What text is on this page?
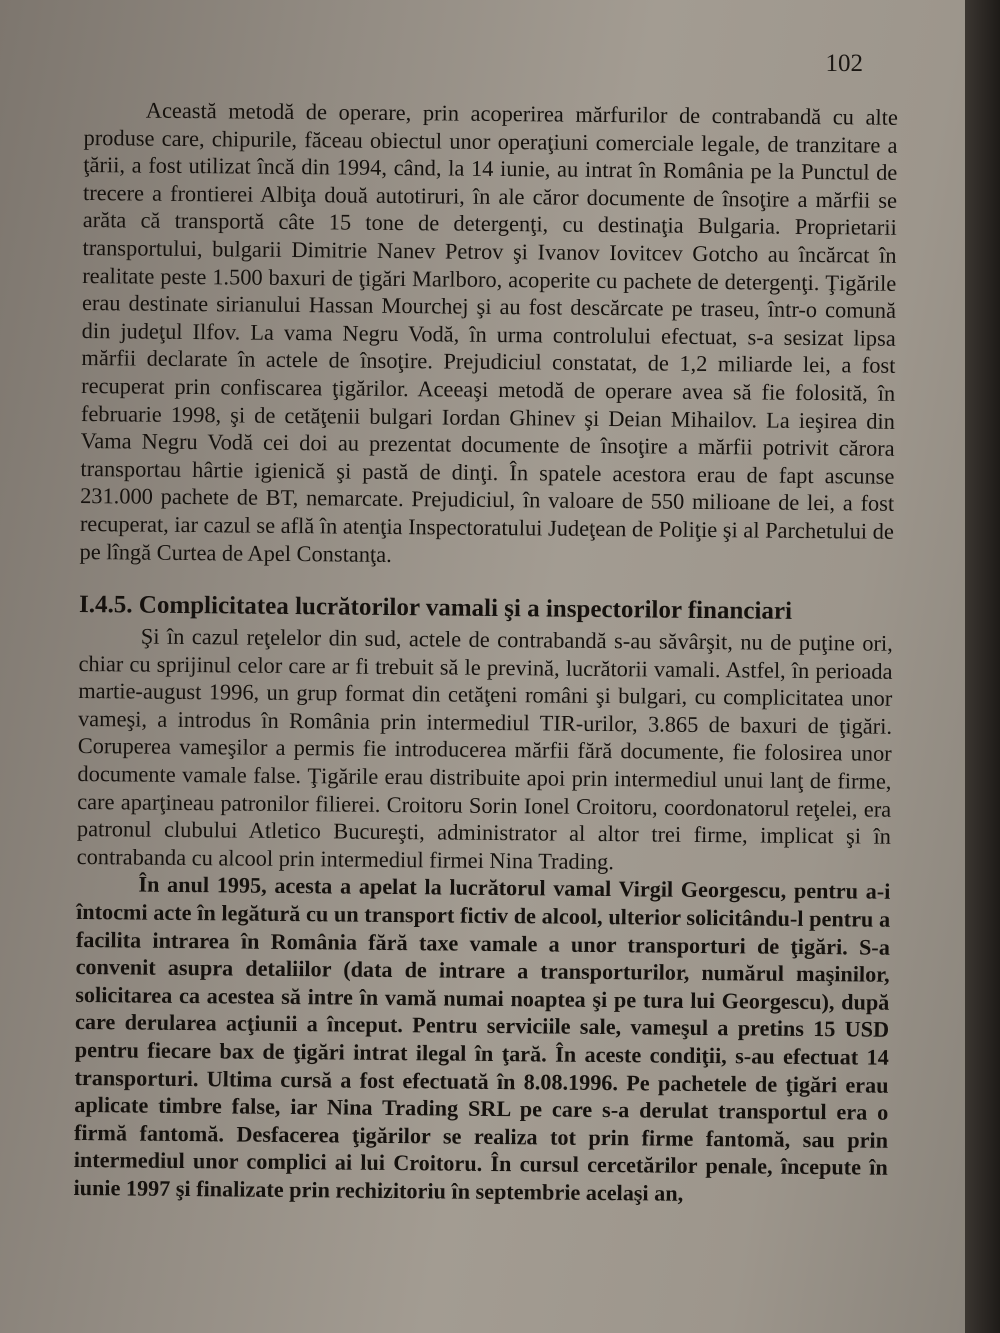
102

Această metodă de operare, prin acoperirea mărfurilor de contrabandă cu alte produse care, chipurile, făceau obiectul unor operaţiuni comerciale legale, de tranzitare a ţării, a fost utilizat încă din 1994, când, la 14 iunie, au intrat în România pe la Punctul de trecere a frontierei Albiţa două autotiruri, în ale căror documente de însoţire a mărfii se arăta că transportă câte 15 tone de detergenţi, cu destinaţia Bulgaria. Proprietarii transportului, bulgarii Dimitrie Nanev Petrov şi Ivanov Iovitcev Gotcho au încărcat în realitate peste 1.500 baxuri de ţigări Marlboro, acoperite cu pachete de detergenţi. Ţigările erau destinate sirianului Hassan Mourchej şi au fost descărcate pe traseu, într-o comună din judeţul Ilfov. La vama Negru Vodă, în urma controlului efectuat, s-a sesizat lipsa mărfii declarate în actele de însoţire. Prejudiciul constatat, de 1,2 miliarde lei, a fost recuperat prin confiscarea ţigărilor. Aceeaşi metodă de operare avea să fie folosită, în februarie 1998, şi de cetăţenii bulgari Iordan Ghinev şi Deian Mihailov. La ieşirea din Vama Negru Vodă cei doi au prezentat documente de însoţire a mărfii potrivit cărora transportau hârtie igienică şi pastă de dinţi. În spatele acestora erau de fapt ascunse 231.000 pachete de BT, nemarcate. Prejudiciul, în valoare de 550 milioane de lei, a fost recuperat, iar cazul se află în atenţia Inspectoratului Judeţean de Poliţie şi al Parchetului de pe lîngă Curtea de Apel Constanţa.

I.4.5. Complicitatea lucrătorilor vamali şi a inspectorilor financiari

Şi în cazul reţelelor din sud, actele de contrabandă s-au săvârşit, nu de puţine ori, chiar cu sprijinul celor care ar fi trebuit să le prevină, lucrătorii vamali. Astfel, în perioada martie-august 1996, un grup format din cetăţeni români şi bulgari, cu complicitatea unor vameşi, a introdus în România prin intermediul TIR-urilor, 3.865 de baxuri de ţigări. Coruperea vameşilor a permis fie introducerea mărfii fără documente, fie folosirea unor documente vamale false. Ţigările erau distribuite apoi prin intermediul unui lanţ de firme, care aparţineau patronilor filierei. Croitoru Sorin Ionel Croitoru, coordonatorul reţelei, era patronul clubului Atletico Bucureşti, administrator al altor trei firme, implicat şi în contrabanda cu alcool prin intermediul firmei Nina Trading.

În anul 1995, acesta a apelat la lucrătorul vamal Virgil Georgescu, pentru a-i întocmi acte în legătură cu un transport fictiv de alcool, ulterior solicitându-l pentru a facilita intrarea în România fără taxe vamale a unor transporturi de ţigări. S-a convenit asupra detaliilor (data de intrare a transporturilor, numărul maşinilor, solicitarea ca acestea să intre în vamă numai noaptea şi pe tura lui Georgescu), după care derularea acţiunii a început. Pentru serviciile sale, vameşul a pretins 15 USD pentru fiecare bax de ţigări intrat ilegal în ţară. În aceste condiţii, s-au efectuat 14 transporturi. Ultima cursă a fost efectuată în 8.08.1996. Pe pachetele de ţigări erau aplicate timbre false, iar Nina Trading SRL pe care s-a derulat transportul era o firmă fantomă. Desfacerea ţigărilor se realiza tot prin firme fantomă, sau prin intermediul unor complici ai lui Croitoru. În cursul cercetărilor penale, începute în iunie 1997 şi finalizate prin rechizitoriu în septembrie acelaşi an,
